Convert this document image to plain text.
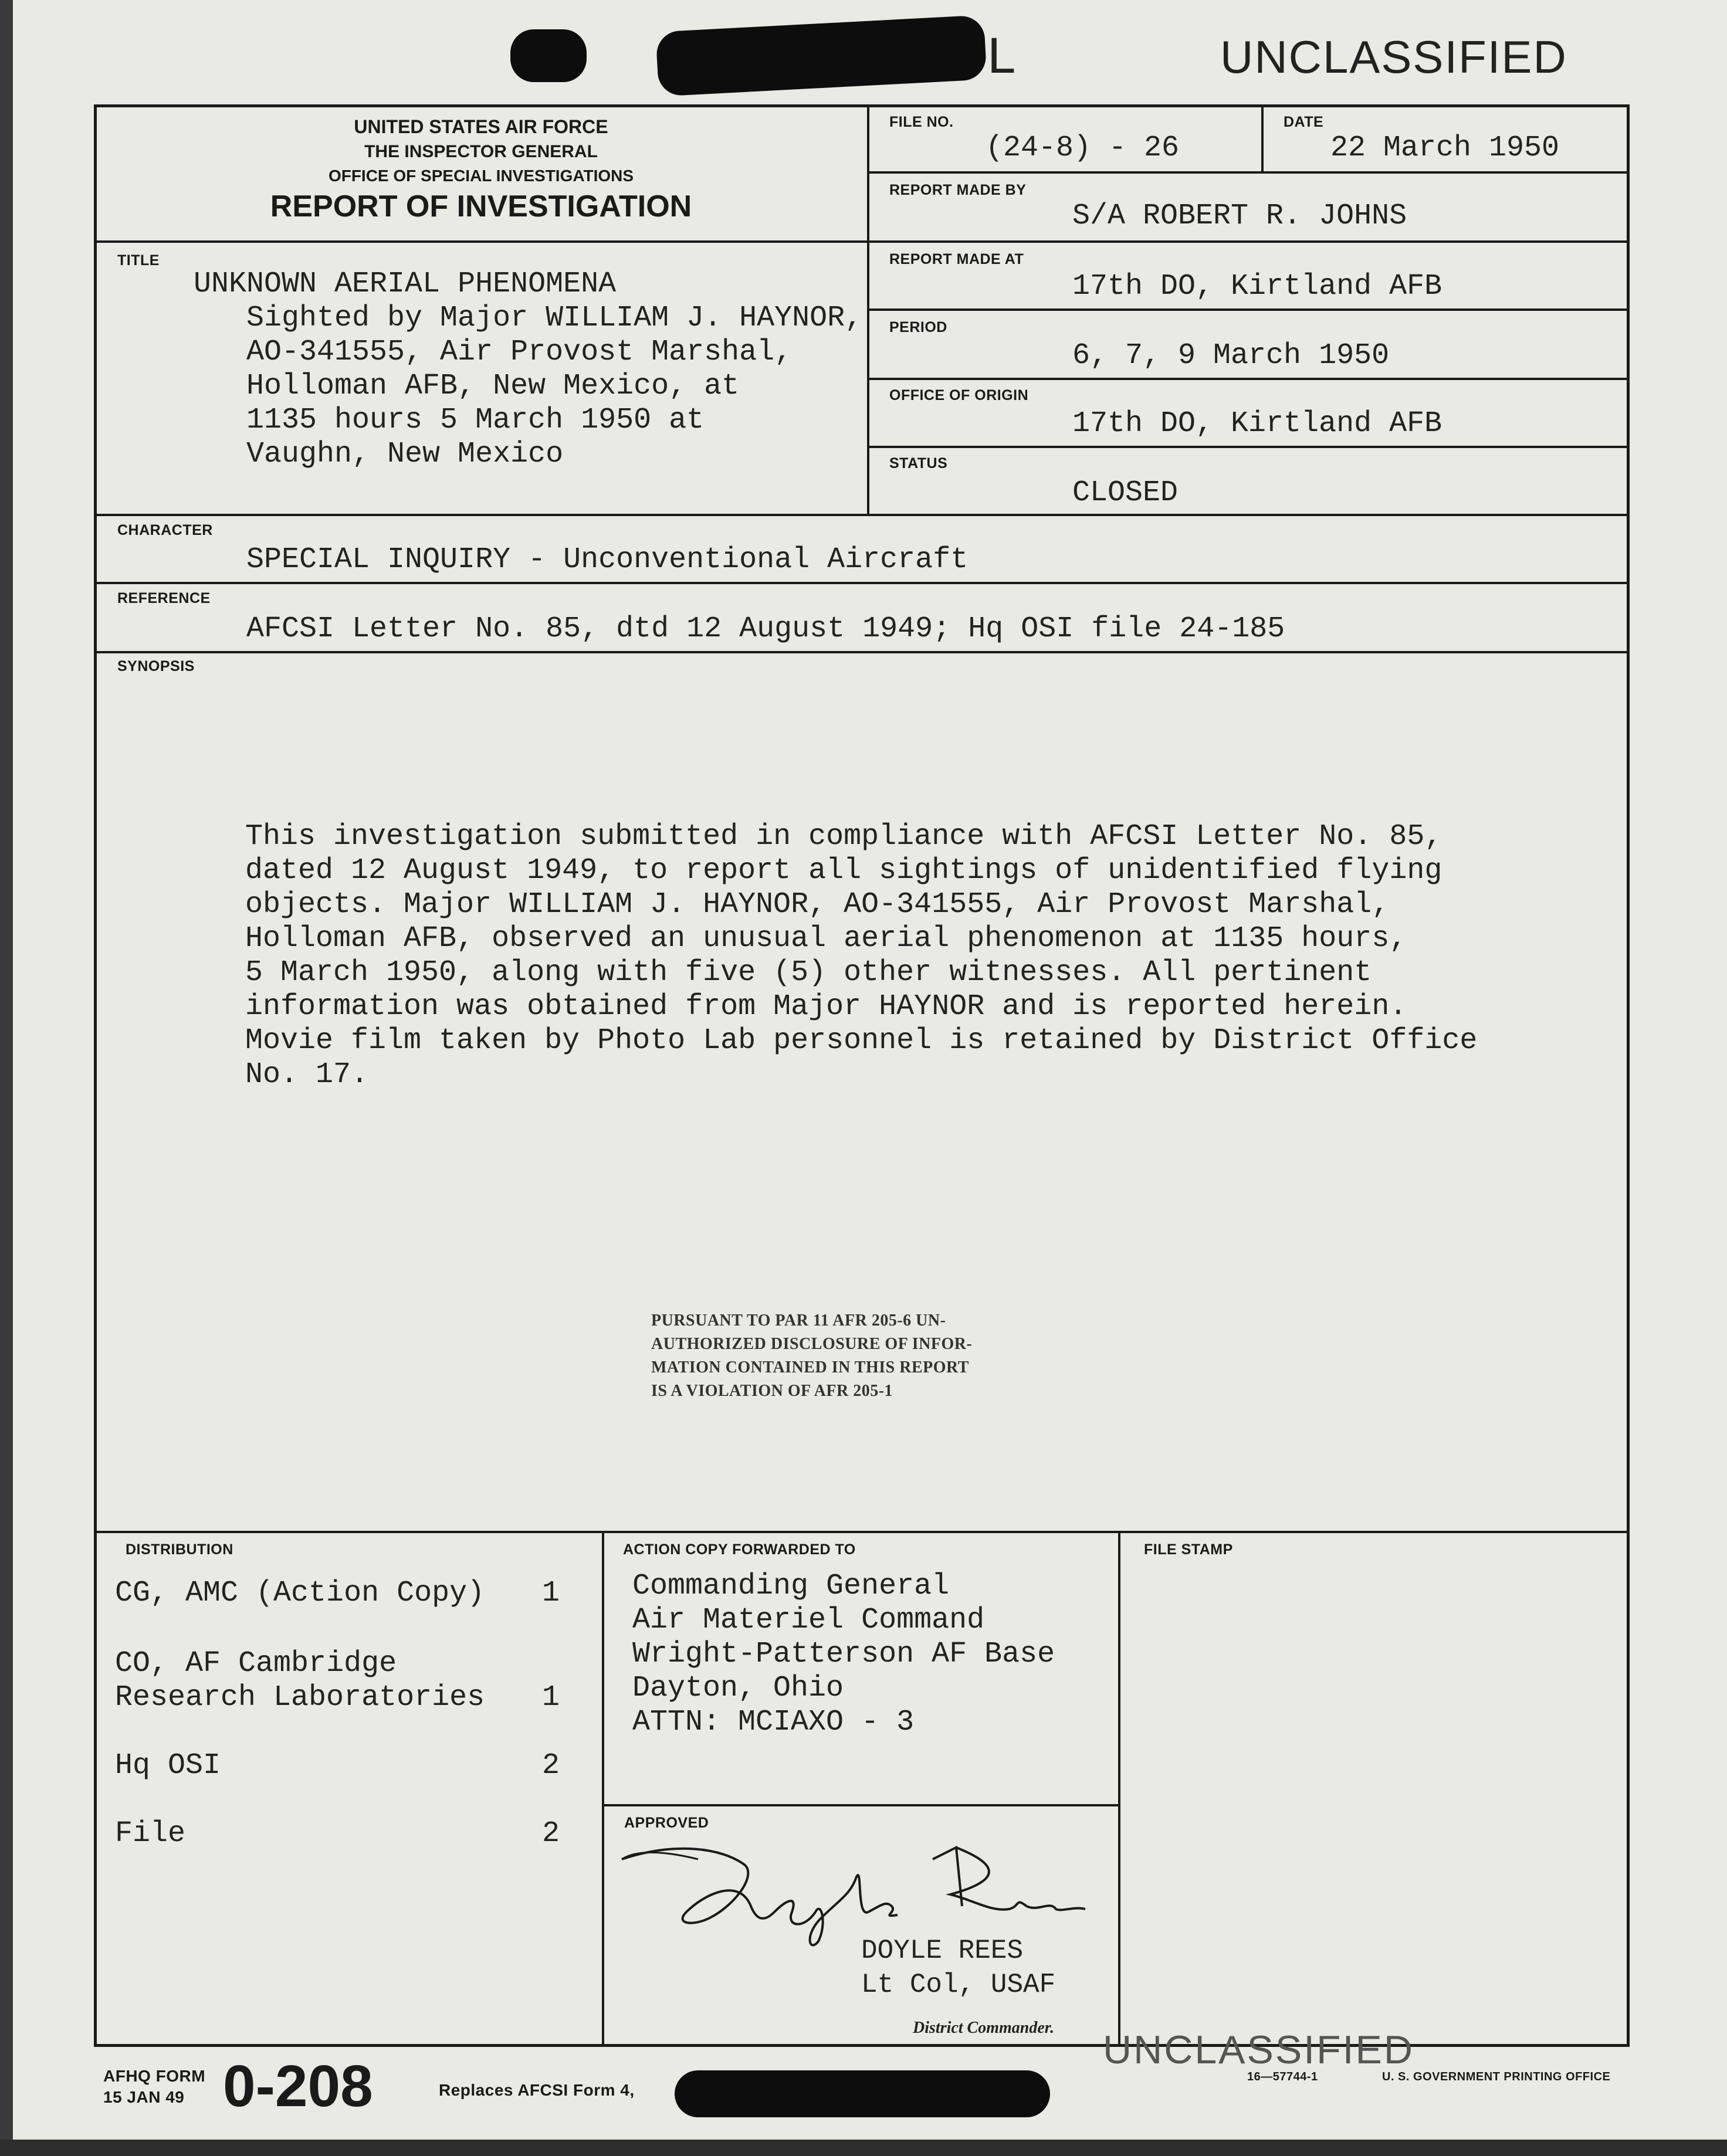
L	UNCLASSIFIED
UNITED STATES AIR FORCE
THE INSPECTOR GENERAL
OFFICE OF SPECIAL INVESTIGATIONS
REPORT OF INVESTIGATION
FILE NO.
(24-8) - 26
DATE
22 March 1950
REPORT MADE BY
S/A ROBERT R. JOHNS
REPORT MADE AT
17th DO, Kirtland AFB
PERIOD
6, 7, 9 March 1950
OFFICE OF ORIGIN
17th DO, Kirtland AFB
STATUS
CLOSED
TITLE
UNKNOWN AERIAL PHENOMENA
Sighted by Major WILLIAM J. HAYNOR,
AO-341555, Air Provost Marshal,
Holloman AFB, New Mexico, at
1135 hours 5 March 1950 at
Vaughn, New Mexico
CHARACTER
SPECIAL INQUIRY - Unconventional Aircraft
REFERENCE
AFCSI Letter No. 85, dtd 12 August 1949; Hq OSI file 24-185
SYNOPSIS
This investigation submitted in compliance with AFCSI Letter No. 85,
dated 12 August 1949, to report all sightings of unidentified flying
objects. Major WILLIAM J. HAYNOR, AO-341555, Air Provost Marshal,
Holloman AFB, observed an unusual aerial phenomenon at 1135 hours,
5 March 1950, along with five (5) other witnesses. All pertinent
information was obtained from Major HAYNOR and is reported herein.
Movie film taken by Photo Lab personnel is retained by District Office
No. 17.
PURSUANT TO PAR 11 AFR 205-6 UN-
AUTHORIZED DISCLOSURE OF INFOR-
MATION CONTAINED IN THIS REPORT
IS A VIOLATION OF AFR 205-1
DISTRIBUTION
CG, AMC (Action Copy) 1
CO, AF Cambridge
Research Laboratories 1
Hq OSI	2
File	2
ACTION COPY FORWARDED TO
Commanding General
Air Materiel Command
Wright-Patterson AF Base
Dayton, Ohio
ATTN: MCIAXO - 3
FILE STAMP
APPROVED
DOYLE REES
Lt Col, USAF
District Commander.
AFHQ FORM
15 JAN 49 0-208	Replaces AFCSI Form 4,
UNCLASSIFIED
16—57744-1	U. S. GOVERNMENT PRINTING OFFICE
